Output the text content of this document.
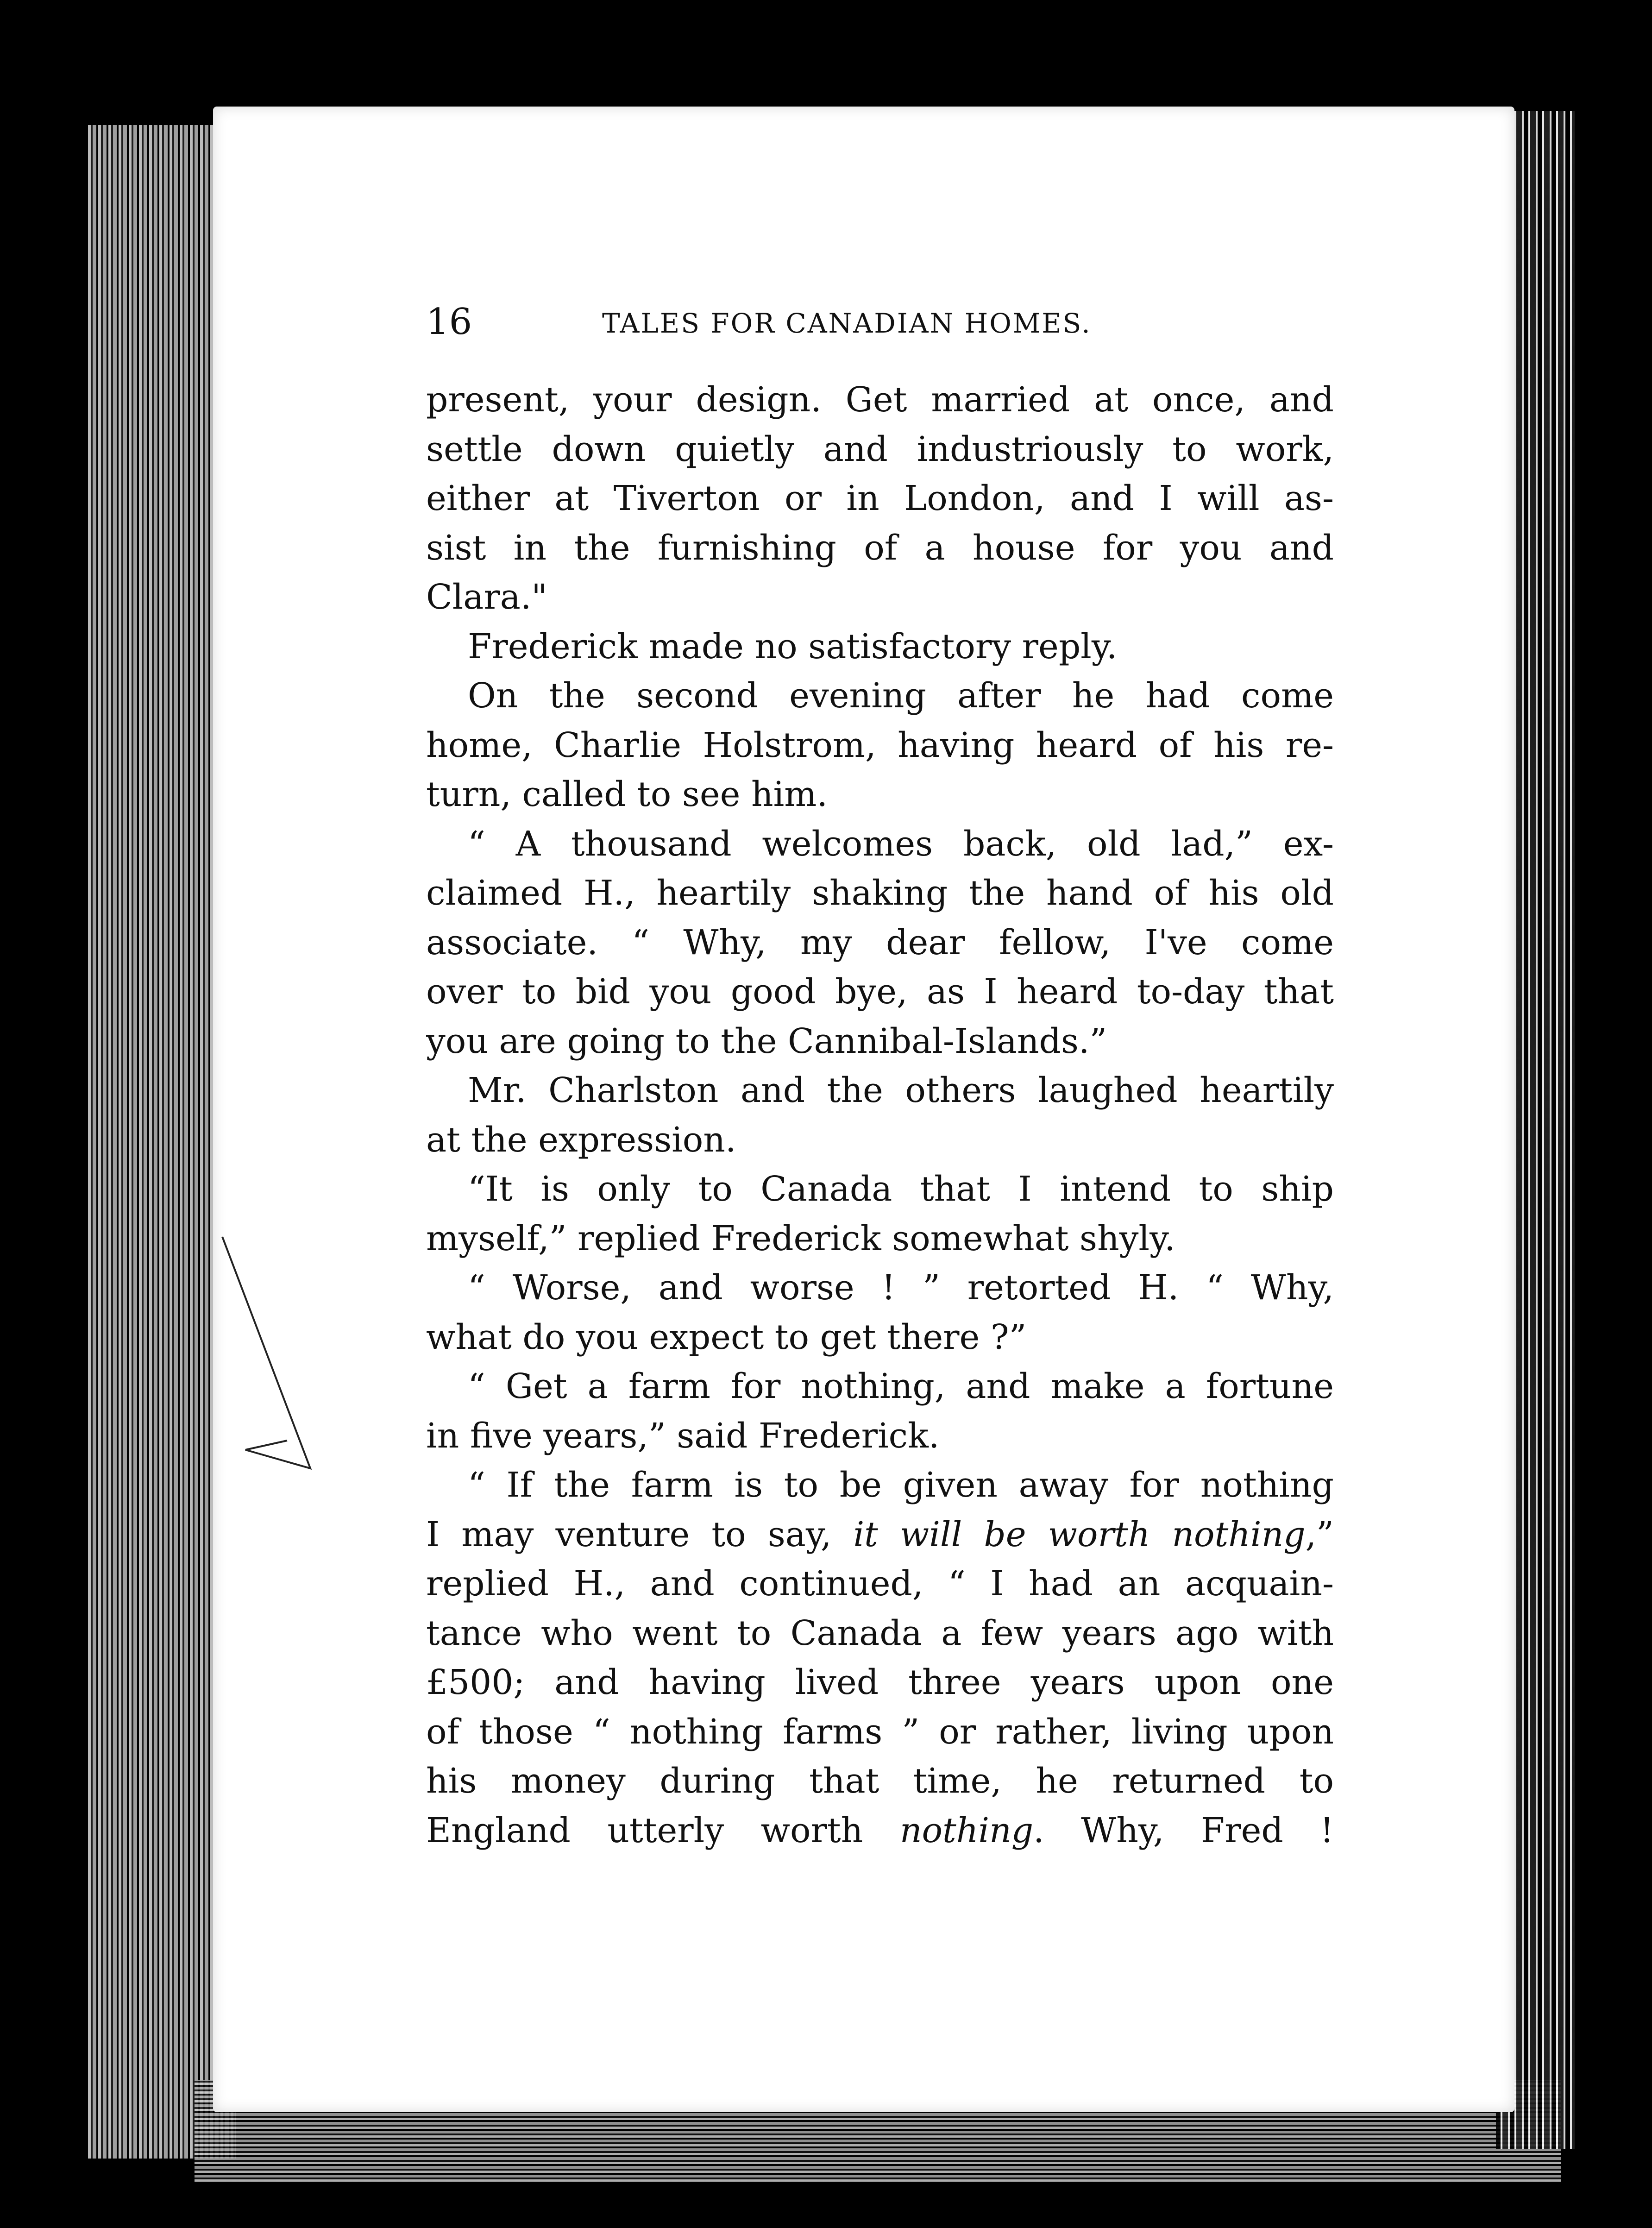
16	TALES FOR CANADIAN HOMES.
present, your design. Get married at once, and
settle down quietly and industriously to work,
either at Tiverton or in London, and I will as-
sist in the furnishing of a house for you and
Clara."
Frederick made no satisfactory reply.
On the second evening after he had come
home, Charlie Holstrom, having heard of his re-
turn, called to see him.
“ A thousand welcomes back, old lad,” ex-
claimed H., heartily shaking the hand of his old
associate. “ Why, my dear fellow, I've come
over to bid you good bye, as I heard to-day that
you are going to the Cannibal-Islands.”
Mr. Charlston and the others laughed heartily
at the expression.
“It is only to Canada that I intend to ship
myself,” replied Frederick somewhat shyly.
“ Worse, and worse ! ” retorted H. “ Why,
what do you expect to get there ?”
“ Get a farm for nothing, and make a fortune
in five years,” said Frederick.
“ If the farm is to be given away for nothing
I may venture to say, it will be worth nothing,”
replied H., and continued, “ I had an acquain-
tance who went to Canada a few years ago with
£500; and having lived three years upon one
of those “ nothing farms ” or rather, living upon
his money during that time, he returned to
England utterly worth nothing. Why, Fred !
